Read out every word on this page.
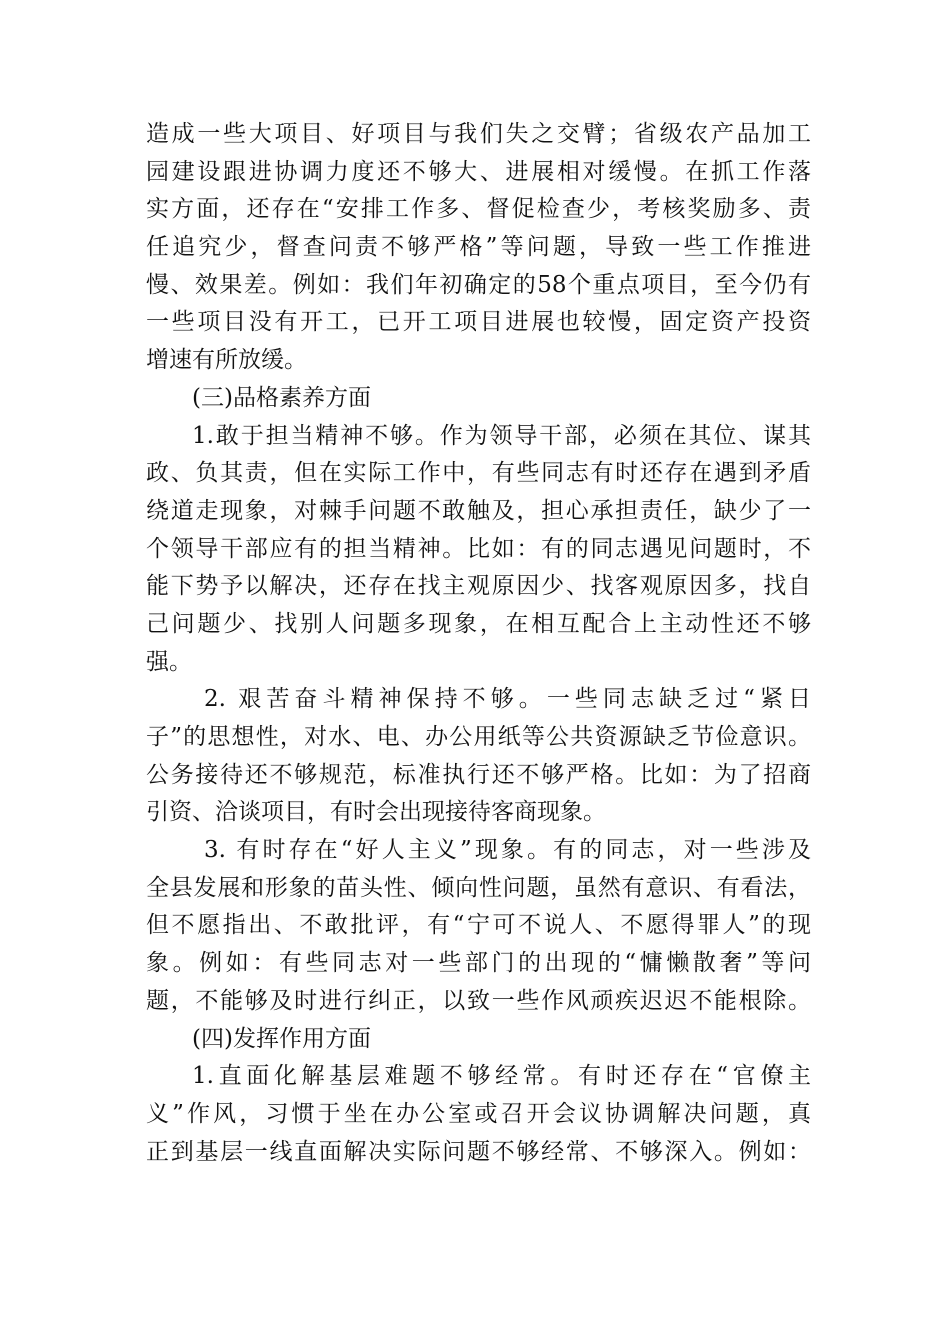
造成一些大项目、好项目与我们失之交臂；省级农产品加工
园建设跟进协调力度还不够大、进展相对缓慢。在抓工作落
实方面，还存在“安排工作多、督促检查少，考核奖励多、责
任追究少，督查问责不够严格”等问题，导致一些工作推进
慢、效果差。例如：我们年初确定的58个重点项目，至今仍有
一些项目没有开工，已开工项目进展也较慢，固定资产投资
增速有所放缓。
(三)品格素养方面
1.敢于担当精神不够。作为领导干部，必须在其位、谋其
政、负其责，但在实际工作中，有些同志有时还存在遇到矛盾
绕道走现象，对棘手问题不敢触及，担心承担责任，缺少了一
个领导干部应有的担当精神。比如：有的同志遇见问题时，不
能下势予以解决，还存在找主观原因少、找客观原因多，找自
己问题少、找别人问题多现象，在相互配合上主动性还不够
强。
2. 艰苦奋斗精神保持不够。一些同志缺乏过“紧日
子”的思想性，对水、电、办公用纸等公共资源缺乏节俭意识。
公务接待还不够规范，标准执行还不够严格。比如：为了招商
引资、洽谈项目，有时会出现接待客商现象。
3. 有时存在“好人主义”现象。有的同志，对一些涉及
全县发展和形象的苗头性、倾向性问题，虽然有意识、有看法，
但不愿指出、不敢批评，有“宁可不说人、不愿得罪人”的现
象。例如：有些同志对一些部门的出现的“慵懒散奢”等问
题，不能够及时进行纠正，以致一些作风顽疾迟迟不能根除。
(四)发挥作用方面
1.直面化解基层难题不够经常。有时还存在“官僚主
义”作风，习惯于坐在办公室或召开会议协调解决问题，真
正到基层一线直面解决实际问题不够经常、不够深入。例如：
